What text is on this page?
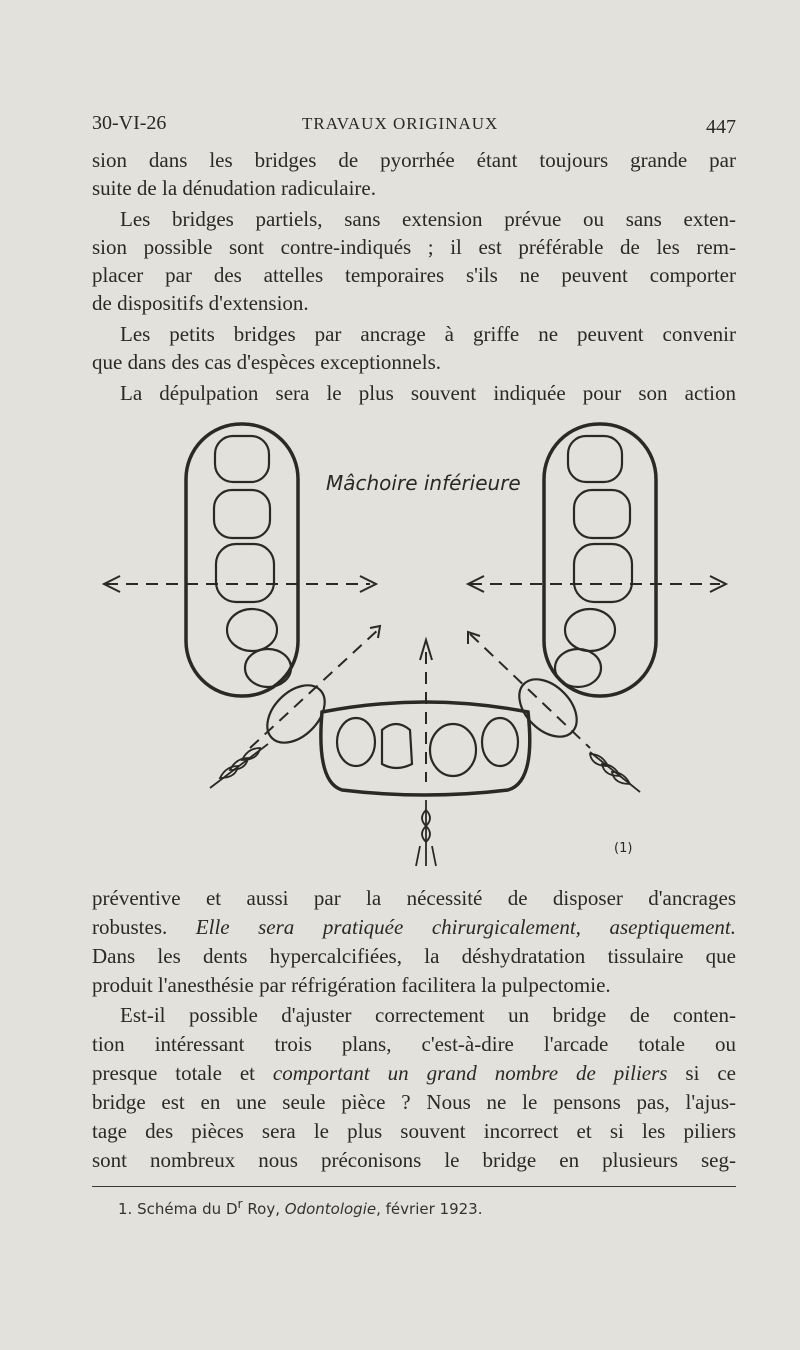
30-VI-26	TRAVAUX ORIGINAUX	447
sion dans les bridges de pyorrhée étant toujours grande par
suite de la dénudation radiculaire.
Les bridges partiels, sans extension prévue ou sans exten-
sion possible sont contre-indiqués ; il est préférable de les rem-
placer par des attelles temporaires s'ils ne peuvent comporter
de dispositifs d'extension.
Les petits bridges par ancrage à griffe ne peuvent convenir
que dans des cas d'espèces exceptionnels.
La dépulpation sera le plus souvent indiquée pour son action
Mâchoire inférieure
(1)
préventive et aussi par la nécessité de disposer d'ancrages
robustes. Elle sera pratiquée chirurgicalement, aseptiquement.
Dans les dents hypercalcifiées, la déshydratation tissulaire que
produit l'anesthésie par réfrigération facilitera la pulpectomie.
Est-il possible d'ajuster correctement un bridge de conten-
tion intéressant trois plans, c'est-à-dire l'arcade totale ou
presque totale et comportant un grand nombre de piliers si ce
bridge est en une seule pièce ? Nous ne le pensons pas, l'ajus-
tage des pièces sera le plus souvent incorrect et si les piliers
sont nombreux nous préconisons le bridge en plusieurs seg-
1. Schéma du $D^r$ Roy, Odontologie, février 1923.
